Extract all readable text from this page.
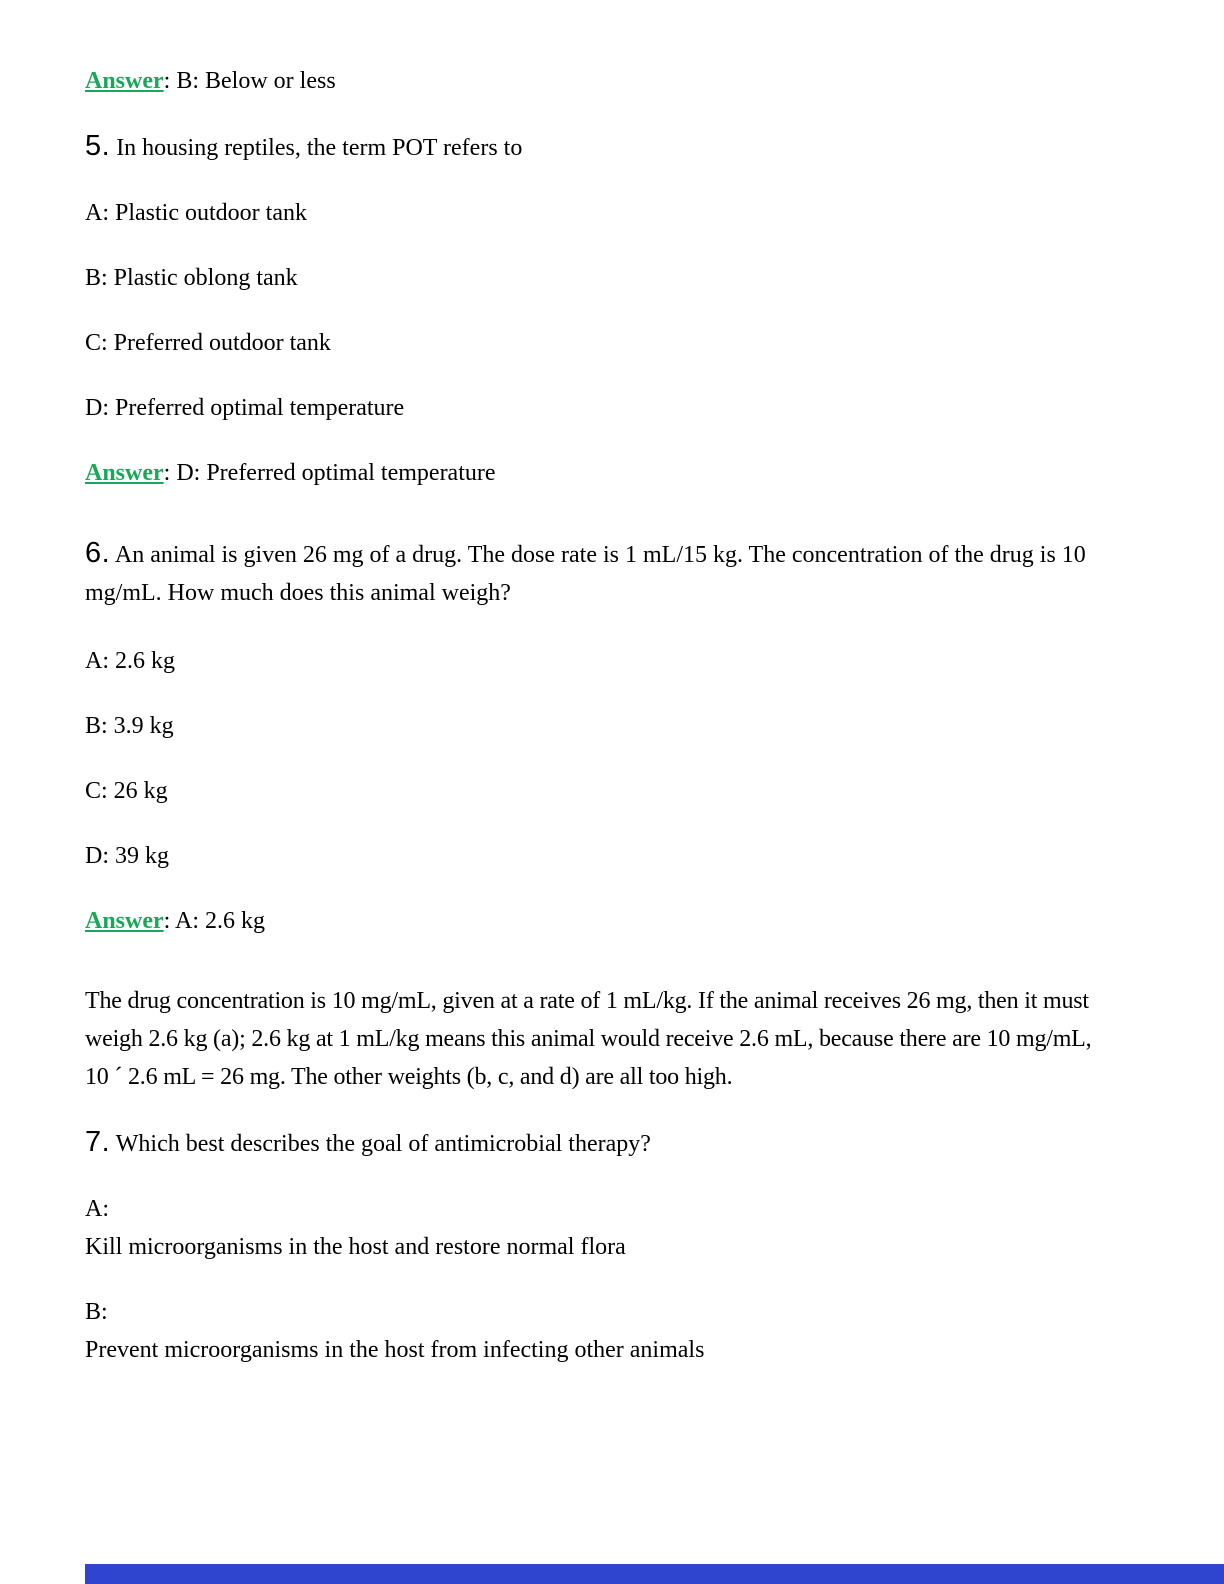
Answer: B: Below or less

5. In housing reptiles, the term POT refers to

A: Plastic outdoor tank

B: Plastic oblong tank

C: Preferred outdoor tank

D: Preferred optimal temperature

Answer: D: Preferred optimal temperature

6. An animal is given 26 mg of a drug. The dose rate is 1 mL/15 kg. The concentration of the drug is 10 mg/mL. How much does this animal weigh?

A: 2.6 kg

B: 3.9 kg

C: 26 kg

D: 39 kg

Answer: A: 2.6 kg

The drug concentration is 10 mg/mL, given at a rate of 1 mL/kg. If the animal receives 26 mg, then it must weigh 2.6 kg (a); 2.6 kg at 1 mL/kg means this animal would receive 2.6 mL, because there are 10 mg/mL, 10 ´ 2.6 mL = 26 mg. The other weights (b, c, and d) are all too high.

7. Which best describes the goal of antimicrobial therapy?

A:
Kill microorganisms in the host and restore normal flora

B:
Prevent microorganisms in the host from infecting other animals
